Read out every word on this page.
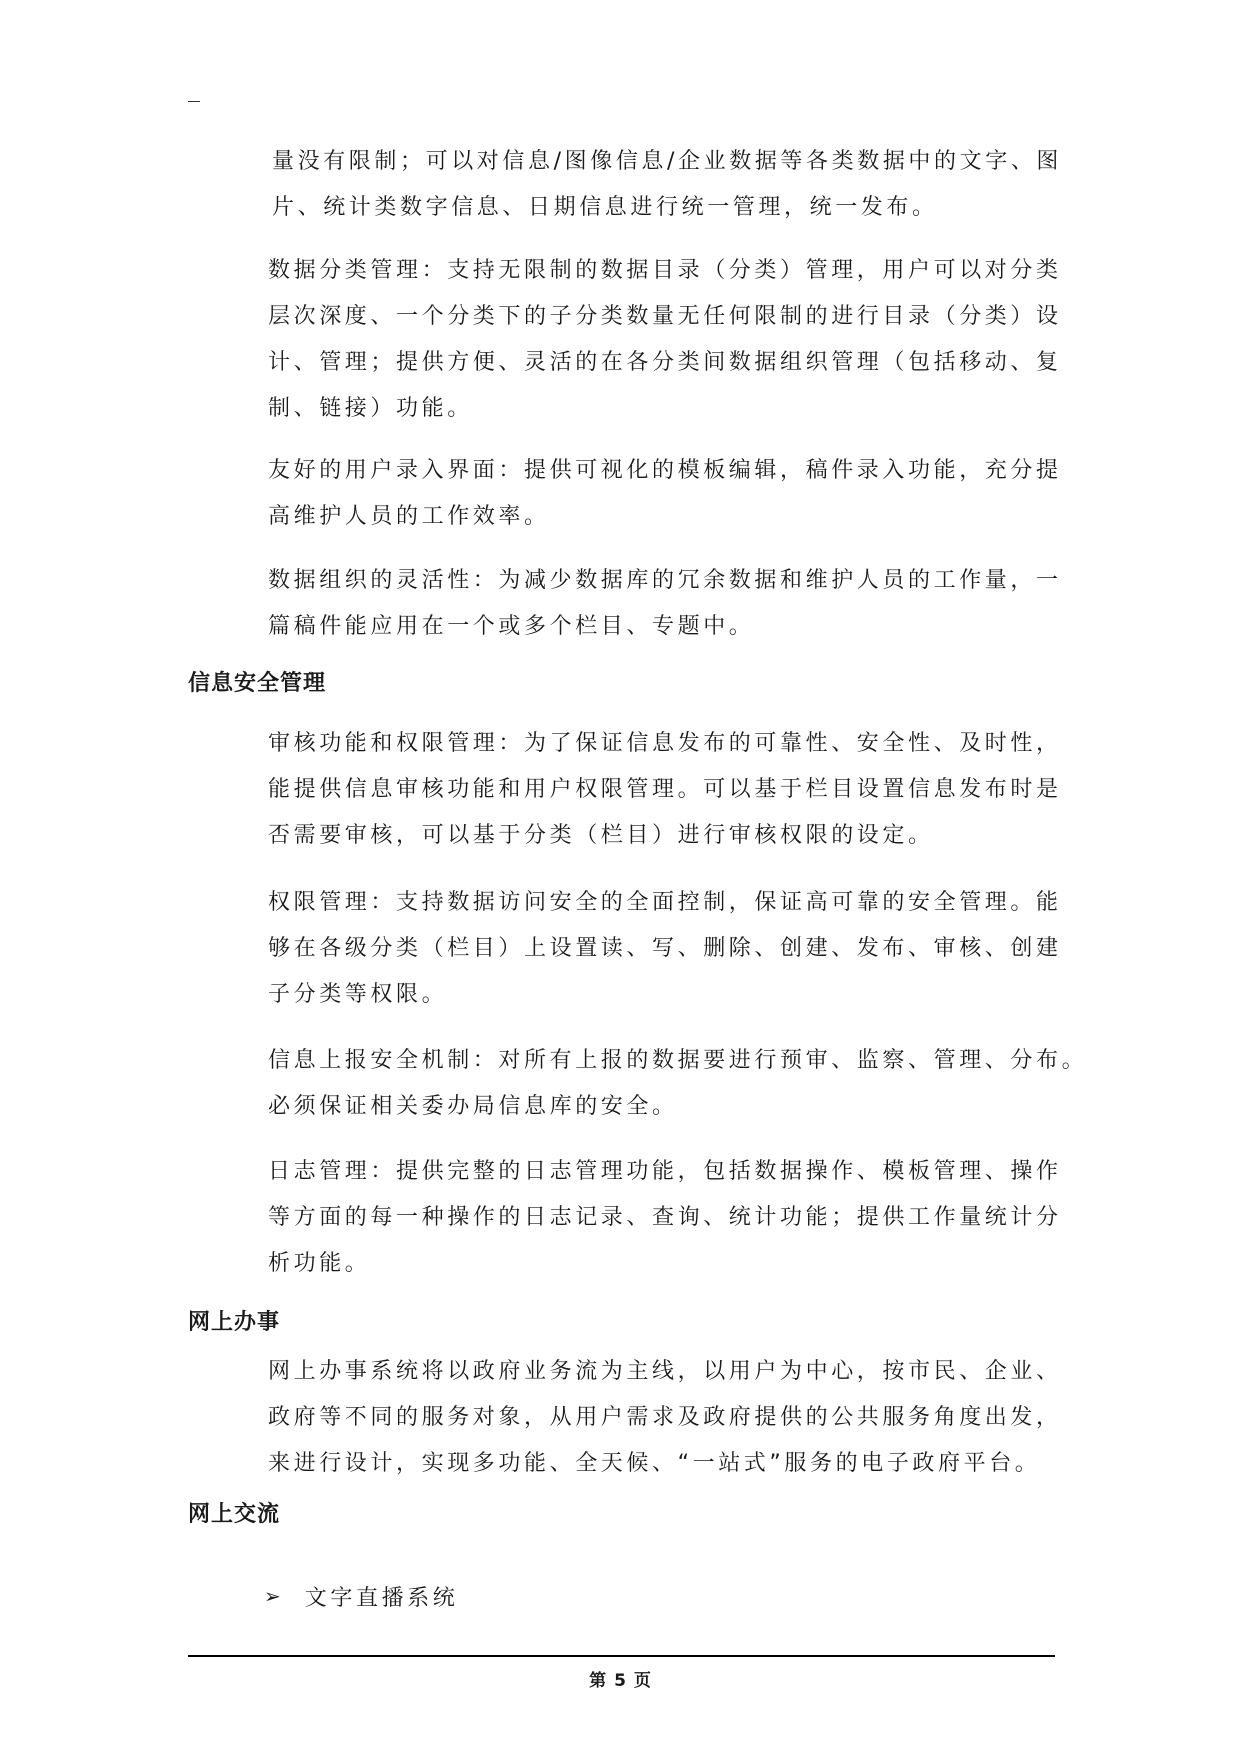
量没有限制；可以对信息/图像信息/企业数据等各类数据中的文字、图
片、统计类数字信息、日期信息进行统一管理，统一发布。

数据分类管理：支持无限制的数据目录（分类）管理，用户可以对分类
层次深度、一个分类下的子分类数量无任何限制的进行目录（分类）设
计、管理；提供方便、灵活的在各分类间数据组织管理（包括移动、复
制、链接）功能。

友好的用户录入界面：提供可视化的模板编辑，稿件录入功能，充分提
高维护人员的工作效率。

数据组织的灵活性：为减少数据库的冗余数据和维护人员的工作量，一
篇稿件能应用在一个或多个栏目、专题中。

信息安全管理

审核功能和权限管理：为了保证信息发布的可靠性、安全性、及时性，
能提供信息审核功能和用户权限管理。可以基于栏目设置信息发布时是
否需要审核，可以基于分类（栏目）进行审核权限的设定。

权限管理：支持数据访问安全的全面控制，保证高可靠的安全管理。能
够在各级分类（栏目）上设置读、写、删除、创建、发布、审核、创建
子分类等权限。

信息上报安全机制：对所有上报的数据要进行预审、监察、管理、分布。
必须保证相关委办局信息库的安全。

日志管理：提供完整的日志管理功能，包括数据操作、模板管理、操作
等方面的每一种操作的日志记录、查询、统计功能；提供工作量统计分
析功能。

网上办事

网上办事系统将以政府业务流为主线，以用户为中心，按市民、企业、
政府等不同的服务对象，从用户需求及政府提供的公共服务角度出发，
来进行设计，实现多功能、全天候、“一站式”服务的电子政府平台。

网上交流
➢ 文字直播系统
第 5 页
